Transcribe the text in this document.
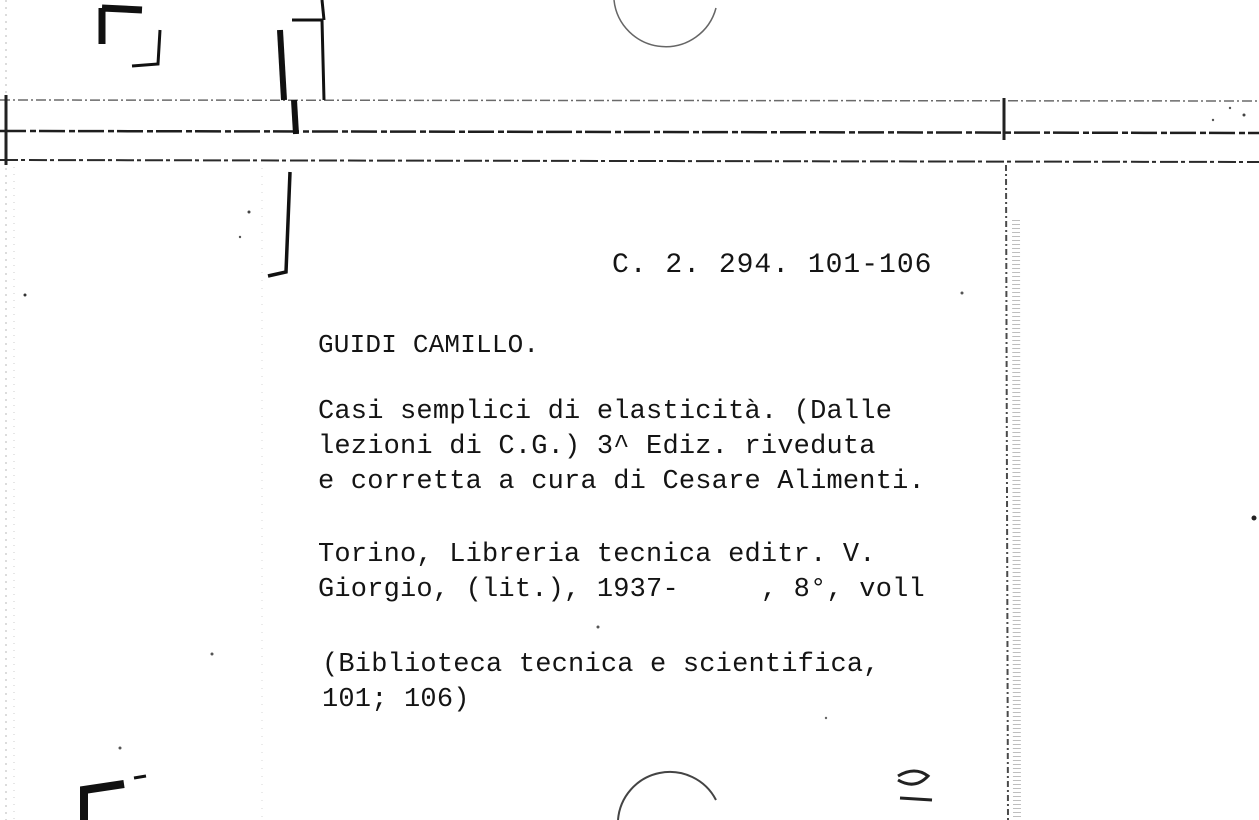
C. 2. 294. 101-106
GUIDI CAMILLO.
Casi semplici di elasticità. (Dalle
lezioni di C.G.) 3^ Ediz. riveduta
e corretta a cura di Cesare Alimenti.
Torino, Libreria tecnica editr. V.
Giorgio, (lit.), 1937-     , 8°, voll
(Biblioteca tecnica e scientifica,
101; 106)
